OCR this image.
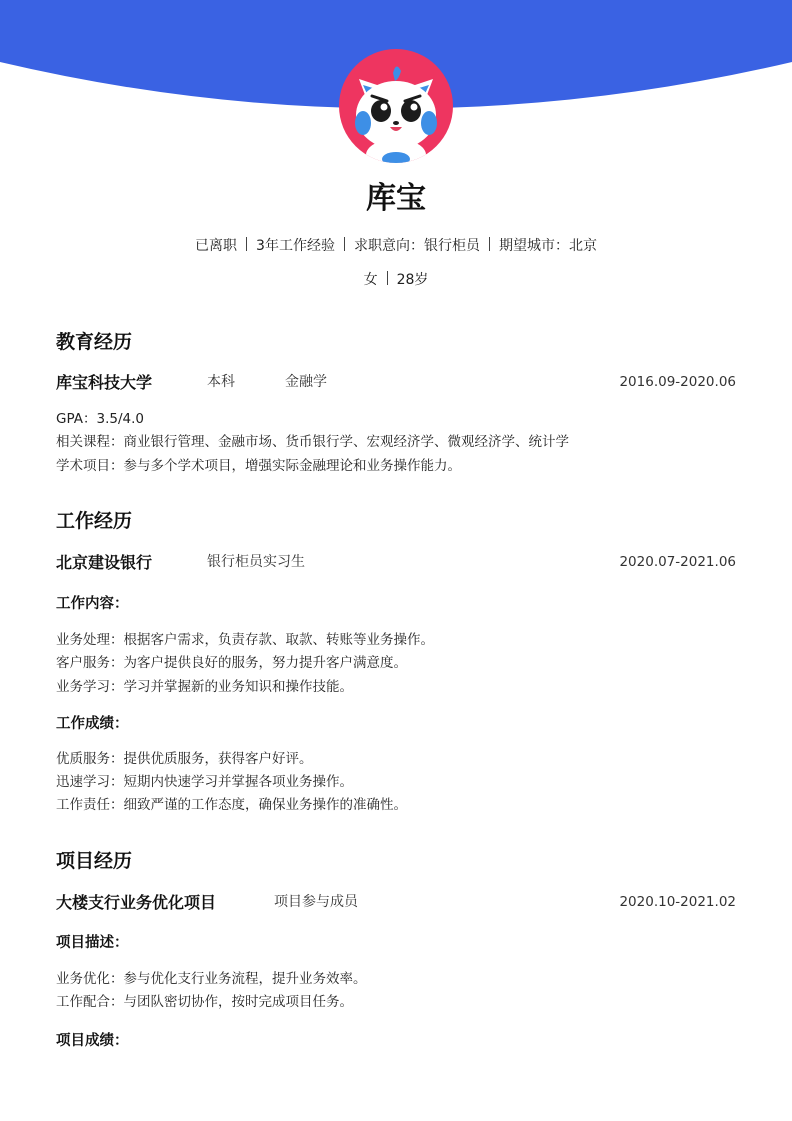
库宝
已离职 3年工作经验 求职意向：银行柜员 期望城市：北京
女 28岁
教育经历
库宝科技大学	本科	金融学	2016.09-2020.06
GPA：3.5/4.0
相关课程：商业银行管理、金融市场、货币银行学、宏观经济学、微观经济学、统计学
学术项目：参与多个学术项目，增强实际金融理论和业务操作能力。
工作经历
北京建设银行	银行柜员实习生	2020.07-2021.06
工作内容：
业务处理：根据客户需求，负责存款、取款、转账等业务操作。
客户服务：为客户提供良好的服务，努力提升客户满意度。
业务学习：学习并掌握新的业务知识和操作技能。
工作成绩：
优质服务：提供优质服务，获得客户好评。
迅速学习：短期内快速学习并掌握各项业务操作。
工作责任：细致严谨的工作态度，确保业务操作的准确性。
项目经历
大楼支行业务优化项目	项目参与成员	2020.10-2021.02
项目描述：
业务优化：参与优化支行业务流程，提升业务效率。
工作配合：与团队密切协作，按时完成项目任务。
项目成绩：
